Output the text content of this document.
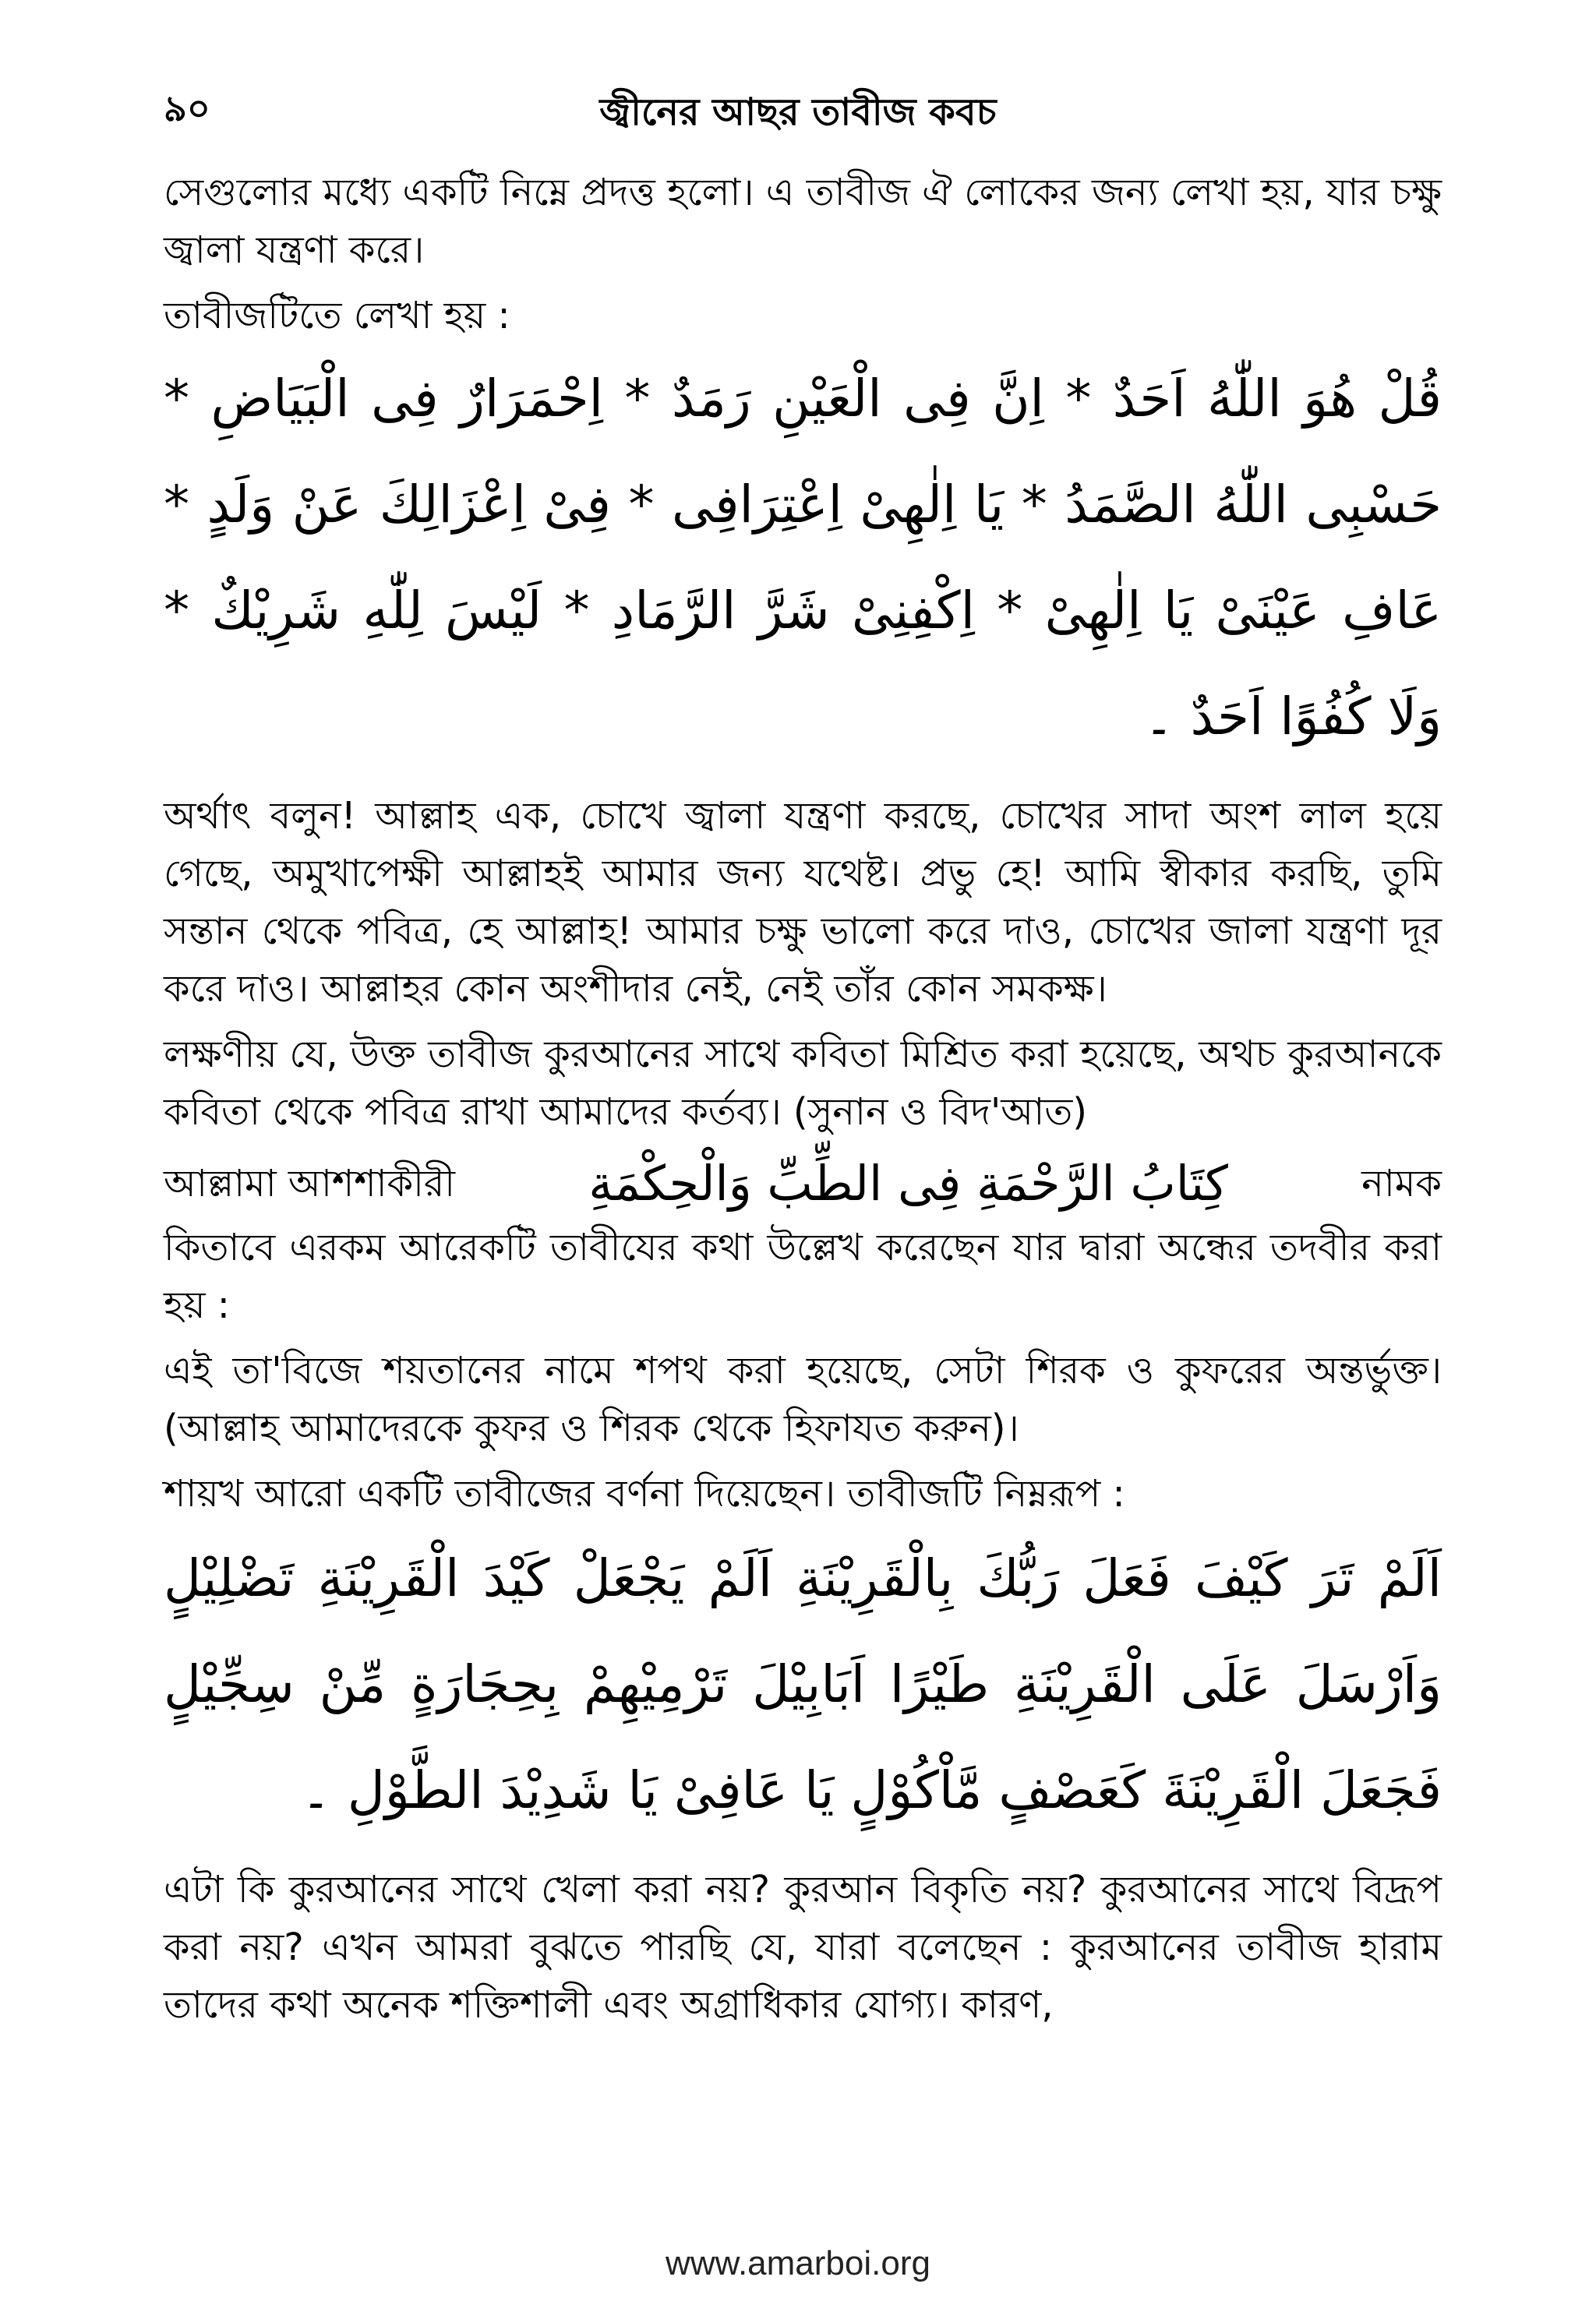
৯০	জ্বীনের আছর তাবীজ কবচ

সেগুলোর মধ্যে একটি নিম্নে প্রদত্ত হলো। এ তাবীজ ঐ লোকের জন্য লেখা হয়, যার চক্ষু জ্বালা যন্ত্রণা করে।

তাবীজটিতে লেখা হয় :

قُلْ هُوَ اللّٰهُ اَحَدٌ * اِنَّ فِى الْعَيْنِ رَمَدٌ * اِحْمَرَارٌ فِى الْبَيَاضِ * حَسْبِى اللّٰهُ الصَّمَدُ * يَا اِلٰهِىْ اِعْتِرَافِى * فِىْ اِعْزَالِكَ عَنْ وَلَدٍ * عَافِ عَيْنَىْ يَا اِلٰهِىْ * اِكْفِنِىْ شَرَّ الرَّمَادِ * لَيْسَ لِلّٰهِ شَرِيْكٌ * وَلَا كُفُوًا اَحَدٌ ۔

অর্থাৎ বলুন! আল্লাহ এক, চোখে জ্বালা যন্ত্রণা করছে, চোখের সাদা অংশ লাল হয়ে গেছে, অমুখাপেক্ষী আল্লাহই আমার জন্য যথেষ্ট। প্রভু হে! আমি স্বীকার করছি, তুমি সন্তান থেকে পবিত্র, হে আল্লাহ! আমার চক্ষু ভালো করে দাও, চোখের জালা যন্ত্রণা দূর করে দাও। আল্লাহর কোন অংশীদার নেই, নেই তাঁর কোন সমকক্ষ।

লক্ষণীয় যে, উক্ত তাবীজ কুরআনের সাথে কবিতা মিশ্রিত করা হয়েছে, অথচ কুরআনকে কবিতা থেকে পবিত্র রাখা আমাদের কর্তব্য। (সুনান ও বিদ'আত)

আল্লামা আশশাকীরী	كِتَابُ الرَّحْمَةِ فِى الطِّبِّ وَالْحِكْمَةِ	নামক

কিতাবে এরকম আরেকটি তাবীযের কথা উল্লেখ করেছেন যার দ্বারা অন্ধের তদবীর করা হয় :

এই তা'বিজে শয়তানের নামে শপথ করা হয়েছে, সেটা শিরক ও কুফরের অন্তর্ভুক্ত। (আল্লাহ আমাদেরকে কুফর ও শিরক থেকে হিফাযত করুন)।

শায়খ আরো একটি তাবীজের বর্ণনা দিয়েছেন। তাবীজটি নিম্নরূপ :

اَلَمْ تَرَ كَيْفَ فَعَلَ رَبُّكَ بِالْقَرِيْنَةِ اَلَمْ يَجْعَلْ كَيْدَ الْقَرِيْنَةِ تَضْلِيْلٍ وَاَرْسَلَ عَلَى الْقَرِيْنَةِ طَيْرًا اَبَابِيْلَ تَرْمِيْهِمْ بِحِجَارَةٍ مِّنْ سِجِّيْلٍ فَجَعَلَ الْقَرِيْنَةَ كَعَصْفٍ مَّاْكُوْلٍ يَا عَافِىْ يَا شَدِيْدَ الطَّوْلِ ۔

এটা কি কুরআনের সাথে খেলা করা নয়? কুরআন বিকৃতি নয়? কুরআনের সাথে বিদ্রূপ করা নয়? এখন আমরা বুঝতে পারছি যে, যারা বলেছেন : কুরআনের তাবীজ হারাম তাদের কথা অনেক শক্তিশালী এবং অগ্রাধিকার যোগ্য। কারণ,

www.amarboi.org
